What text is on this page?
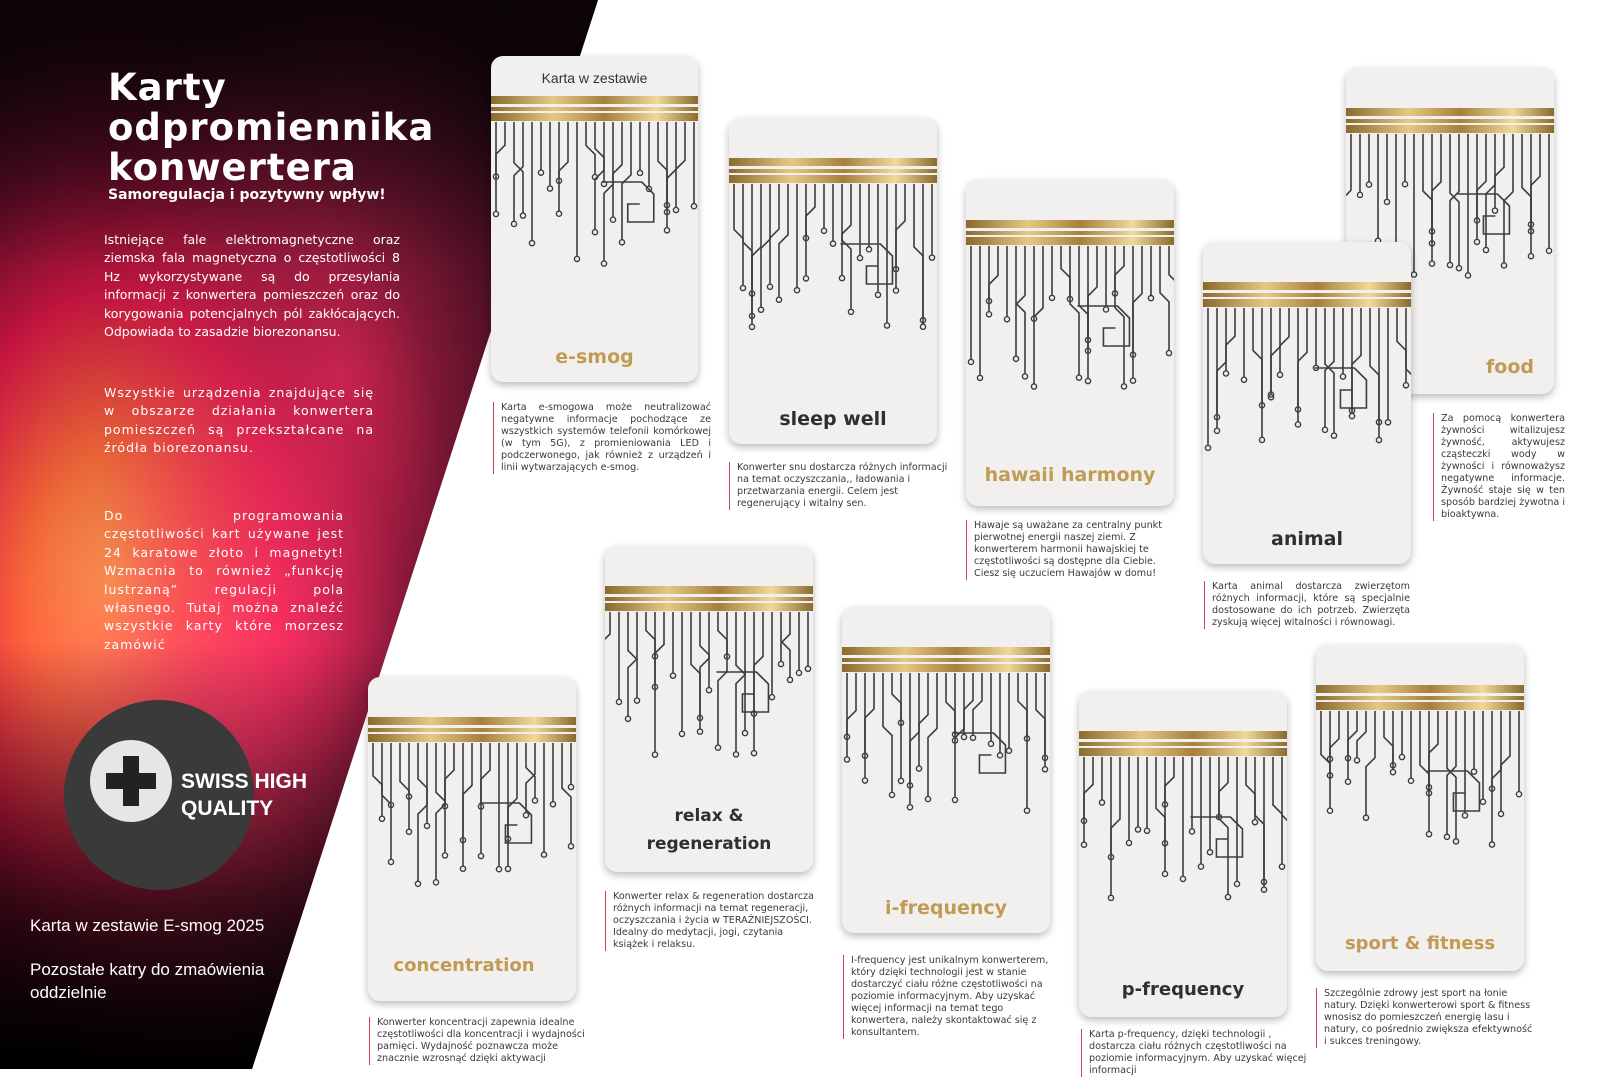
Karty
odpromiennika
konwertera
Samoregulacja i pozytywny wpływ!
Istniejące fale elektromagnetyczne oraz ziemska fala magnetyczna o częstotliwości 8 Hz wykorzystywane są do przesyłania informacji z konwertera pomieszczeń oraz do korygowania potencjalnych pól zakłócających. Odpowiada to zasadzie biorezonansu.
Wszystkie urządzenia znajdujące się w obszarze działania konwertera pomieszczeń są przekształcane na źródła biorezonansu.
Do programowania częstotliwości kart używane jest 24 karatowe złoto i magnetyt! Wzmacnia to również „funkcję lustrzaną” regulacji pola własnego. Tutaj można znaleźć wszystkie karty które morzesz zamówić
SWISS HIGH
QUALITY
Karta w zestawie E-smog 2025
Pozostałe katry do zmaówienia oddzielnie
Karta w zestawie
e-smog
Karta e-smogowa może neutralizować negatywne informacje pochodzące ze wszystkich systemów telefonii komórkowej (w tym 5G), z promieniowania LED i podczerwonego, jak również z urządzeń i linii wytwarzających e-smog.
sleep well
Konwerter snu dostarcza różnych informacji na temat oczyszczania,, ładowania i przetwarzania energii. Celem jest regenerujący i witalny sen.
hawaii harmony
Hawaje są uważane za centralny punkt pierwotnej energii naszej ziemi. Z konwerterem harmonii hawajskiej te częstotliwości są dostępne dla Ciebie. Ciesz się uczuciem Hawajów w domu!
food
Za pomocą konwertera żywności witalizujesz żywność, aktywujesz cząsteczki wody w żywności i równoważysz negatywne informacje. Żywność staje się w ten sposób bardziej żywotna i bioaktywna.
animal
Karta animal dostarcza zwierzętom różnych informacji, które są specjalnie dostosowane do ich potrzeb. Zwierzęta zyskują więcej witalności i równowagi.
relax &
regeneration
Konwerter relax & regeneration dostarcza różnych informacji na temat regeneracji, oczyszczania i życia w TERAŹNIEJSZOŚCI. Idealny do medytacji, jogi, czytania książek i relaksu.
i-frequency
I-frequency jest unikalnym konwerterem, który dzięki technologii jest w stanie dostarczyć ciału różne częstotliwości na poziomie informacyjnym. Aby uzyskać więcej informacji na temat tego konwertera, należy skontaktować się z konsultantem.
concentration
Konwerter koncentracji zapewnia idealne częstotliwości dla koncentracji i wydajności pamięci. Wydajność poznawcza może znacznie wzrosnąć dzięki aktywacji
p-frequency
Karta p-frequency, dzięki technologii , dostarcza ciału różnych częstotliwości na poziomie informacyjnym. Aby uzyskać więcej informacji
sport & fitness
Szczególnie zdrowy jest sport na łonie natury. Dzięki konwerterowi sport & fitness wnosisz do pomieszczeń energię lasu i natury, co pośrednio zwiększa efektywność i sukces treningowy.
